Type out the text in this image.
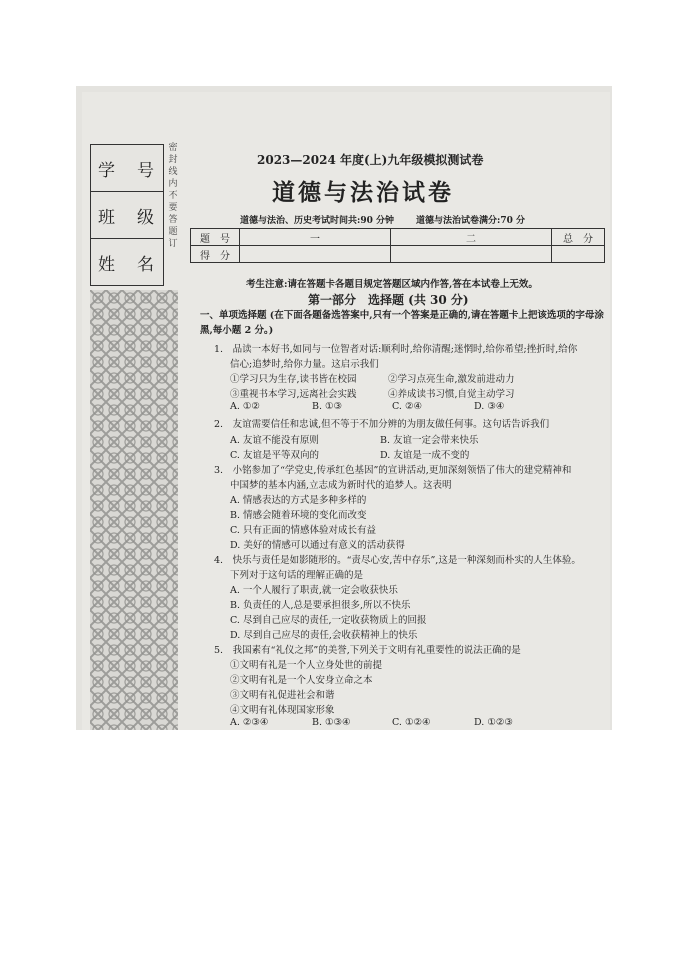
学 号
班 级
姓 名
密 封 线 内 不 要 答 题 订
2023—2024 年度(上)九年级模拟测试卷
道德与法治试卷
道德与法治、历史考试时间共:90 分钟 道德与法治试卷满分:70 分
题　号	一	二	总　分
得　分			
考生注意:请在答题卡各题目规定答题区域内作答,答在本试卷上无效。
第一部分　选择题 (共 30 分)
一、单项选择题 (在下面各题备选答案中,只有一个答案是正确的,请在答题卡上把该选项的字母涂黑,每小题 2 分。)
1.　品读一本好书,如同与一位智者对话:顺利时,给你清醒;迷惘时,给你希望;挫折时,给你
信心;追梦时,给你力量。这启示我们
①学习只为生存,读书皆在校园	②学习点亮生命,激发前进动力
③重视书本学习,远离社会实践	④养成读书习惯,自觉主动学习
A. ①②	B. ①③	C. ②④	D. ③④
2.　友谊需要信任和忠诚,但不等于不加分辨的为朋友做任何事。这句话告诉我们
A. 友谊不能没有原则	B. 友谊一定会带来快乐
C. 友谊是平等双向的	D. 友谊是一成不变的
3.　小铭参加了“学党史,传承红色基因”的宣讲活动,更加深刻领悟了伟大的建党精神和
中国梦的基本内涵,立志成为新时代的追梦人。这表明
A. 情感表达的方式是多种多样的
B. 情感会随着环境的变化而改变
C. 只有正面的情感体验对成长有益
D. 美好的情感可以通过有意义的活动获得
4.　快乐与责任是如影随形的。“责尽心安,苦中存乐”,这是一种深刻而朴实的人生体验。
下列对于这句话的理解正确的是
A. 一个人履行了职责,就一定会收获快乐
B. 负责任的人,总是要承担很多,所以不快乐
C. 尽到自己应尽的责任,一定收获物质上的回报
D. 尽到自己应尽的责任,会收获精神上的快乐
5.　我国素有“礼仪之邦”的美誉,下列关于文明有礼重要性的说法正确的是
①文明有礼是一个人立身处世的前提
②文明有礼是一个人安身立命之本
③文明有礼促进社会和谐
④文明有礼体现国家形象
A. ②③④	B. ①③④	C. ①②④	D. ①②③
